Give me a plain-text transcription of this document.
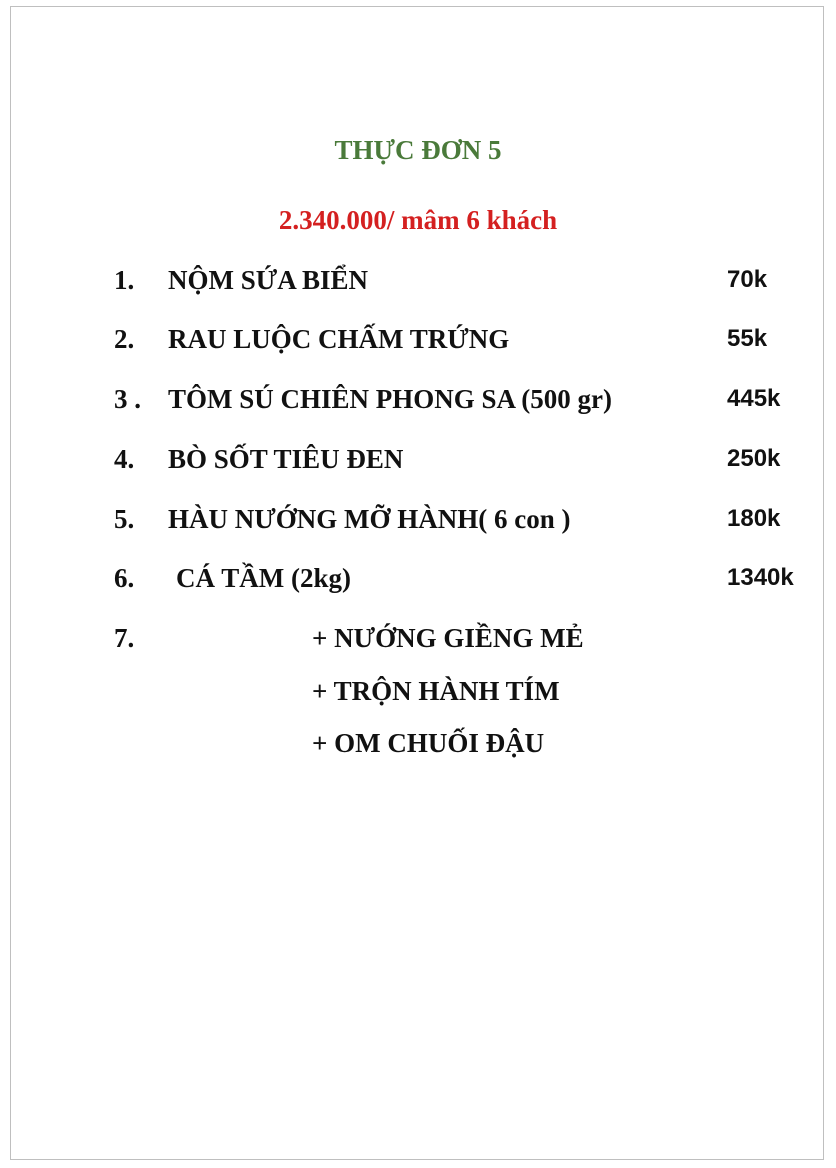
THỰC ĐƠN 5
2.340.000/ mâm 6 khách
1. NỘM SỨA BIỂN	70k
2. RAU LUỘC CHẤM TRỨNG	55k
3 . TÔM SÚ CHIÊN PHONG SA (500 gr)	445k
4. BÒ SỐT TIÊU ĐEN	250k
5. HÀU NƯỚNG MỠ HÀNH( 6 con )	180k
6. CÁ TẦM (2kg)	1340k
7.	+ NƯỚNG GIỀNG MẺ
+ TRỘN HÀNH TÍM
+ OM CHUỐI ĐẬU
